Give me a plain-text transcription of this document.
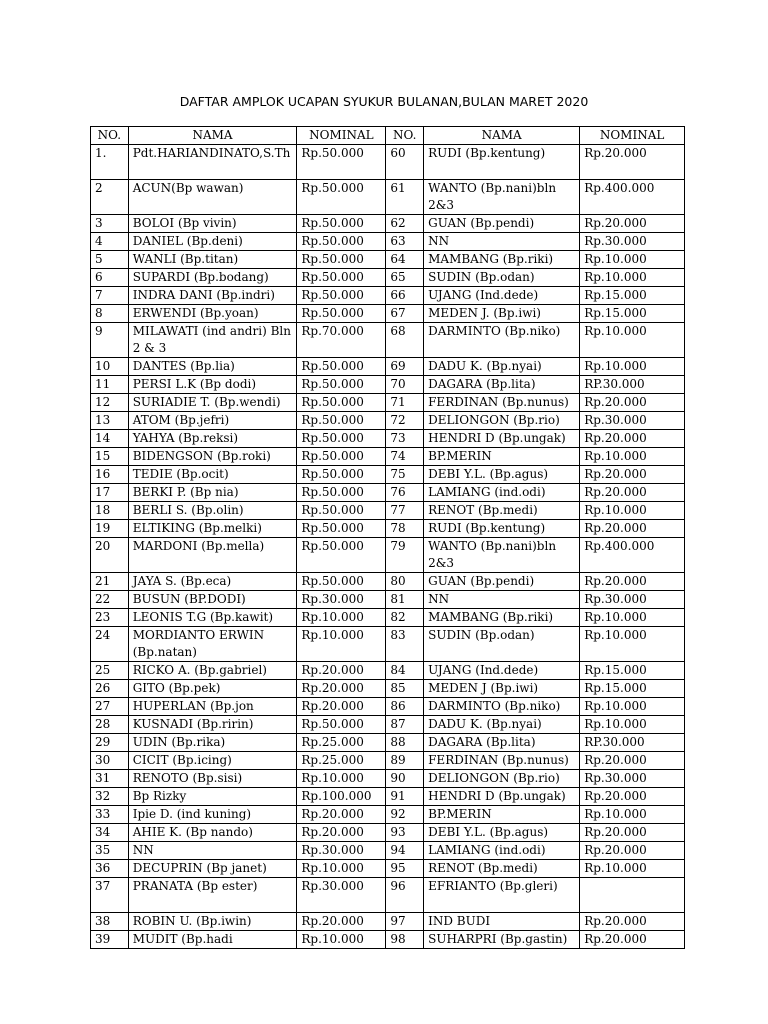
DAFTAR AMPLOK UCAPAN SYUKUR BULANAN,BULAN MARET 2020
NO.	NAMA	NOMINAL	NO.	NAMA	NOMINAL
1.	Pdt.HARIANDINATO,S.Th	Rp.50.000	60	RUDI (Bp.kentung)	Rp.20.000
2	ACUN(Bp wawan)	Rp.50.000	61	WANTO (Bp.nani)bln 2&3	Rp.400.000
3	BOLOI (Bp vivin)	Rp.50.000	62	GUAN (Bp.pendi)	Rp.20.000
4	DANIEL (Bp.deni)	Rp.50.000	63	NN	Rp.30.000
5	WANLI (Bp.titan)	Rp.50.000	64	MAMBANG (Bp.riki)	Rp.10.000
6	SUPARDI (Bp.bodang)	Rp.50.000	65	SUDIN (Bp.odan)	Rp.10.000
7	INDRA DANI (Bp.indri)	Rp.50.000	66	UJANG (Ind.dede)	Rp.15.000
8	ERWENDI (Bp.yoan)	Rp.50.000	67	MEDEN J. (Bp.iwi)	Rp.15.000
9	MILAWATI (ind andri) Bln 2 & 3	Rp.70.000	68	DARMINTO (Bp.niko)	Rp.10.000
10	DANTES (Bp.lia)	Rp.50.000	69	DADU K. (Bp.nyai)	Rp.10.000
11	PERSI L.K (Bp dodi)	Rp.50.000	70	DAGARA (Bp.lita)	RP.30.000
12	SURIADIE T. (Bp.wendi)	Rp.50.000	71	FERDINAN (Bp.nunus)	Rp.20.000
13	ATOM (Bp.jefri)	Rp.50.000	72	DELIONGON (Bp.rio)	Rp.30.000
14	YAHYA (Bp.reksi)	Rp.50.000	73	HENDRI D (Bp.ungak)	Rp.20.000
15	BIDENGSON (Bp.roki)	Rp.50.000	74	BP.MERIN	Rp.10.000
16	TEDIE (Bp.ocit)	Rp.50.000	75	DEBI Y.L. (Bp.agus)	Rp.20.000
17	BERKI P. (Bp nia)	Rp.50.000	76	LAMIANG (ind.odi)	Rp.20.000
18	BERLI S. (Bp.olin)	Rp.50.000	77	RENOT (Bp.medi)	Rp.10.000
19	ELTIKING (Bp.melki)	Rp.50.000	78	RUDI (Bp.kentung)	Rp.20.000
20	MARDONI (Bp.mella)	Rp.50.000	79	WANTO (Bp.nani)bln 2&3	Rp.400.000
21	JAYA S. (Bp.eca)	Rp.50.000	80	GUAN (Bp.pendi)	Rp.20.000
22	BUSUN (BP.DODI)	Rp.30.000	81	NN	Rp.30.000
23	LEONIS T.G (Bp.kawit)	Rp.10.000	82	MAMBANG (Bp.riki)	Rp.10.000
24	MORDIANTO ERWIN (Bp.natan)	Rp.10.000	83	SUDIN (Bp.odan)	Rp.10.000
25	RICKO A. (Bp.gabriel)	Rp.20.000	84	UJANG (Ind.dede)	Rp.15.000
26	GITO (Bp.pek)	Rp.20.000	85	MEDEN J (Bp.iwi)	Rp.15.000
27	HUPERLAN (Bp.jon	Rp.20.000	86	DARMINTO (Bp.niko)	Rp.10.000
28	KUSNADI (Bp.ririn)	Rp.50.000	87	DADU K. (Bp.nyai)	Rp.10.000
29	UDIN (Bp.rika)	Rp.25.000	88	DAGARA (Bp.lita)	RP.30.000
30	CICIT (Bp.icing)	Rp.25.000	89	FERDINAN (Bp.nunus)	Rp.20.000
31	RENOTO (Bp.sisi)	Rp.10.000	90	DELIONGON (Bp.rio)	Rp.30.000
32	Bp Rizky	Rp.100.000	91	HENDRI D (Bp.ungak)	Rp.20.000
33	Ipie D. (ind kuning)	Rp.20.000	92	BP.MERIN	Rp.10.000
34	AHIE K. (Bp nando)	Rp.20.000	93	DEBI Y.L. (Bp.agus)	Rp.20.000
35	NN	Rp.30.000	94	LAMIANG (ind.odi)	Rp.20.000
36	DECUPRIN (Bp janet)	Rp.10.000	95	RENOT (Bp.medi)	Rp.10.000
37	PRANATA (Bp ester)	Rp.30.000	96	EFRIANTO (Bp.gleri)	
38	ROBIN U. (Bp.iwin)	Rp.20.000	97	IND BUDI	Rp.20.000
39	MUDIT (Bp.hadi	Rp.10.000	98	SUHARPRI (Bp.gastin)	Rp.20.000
